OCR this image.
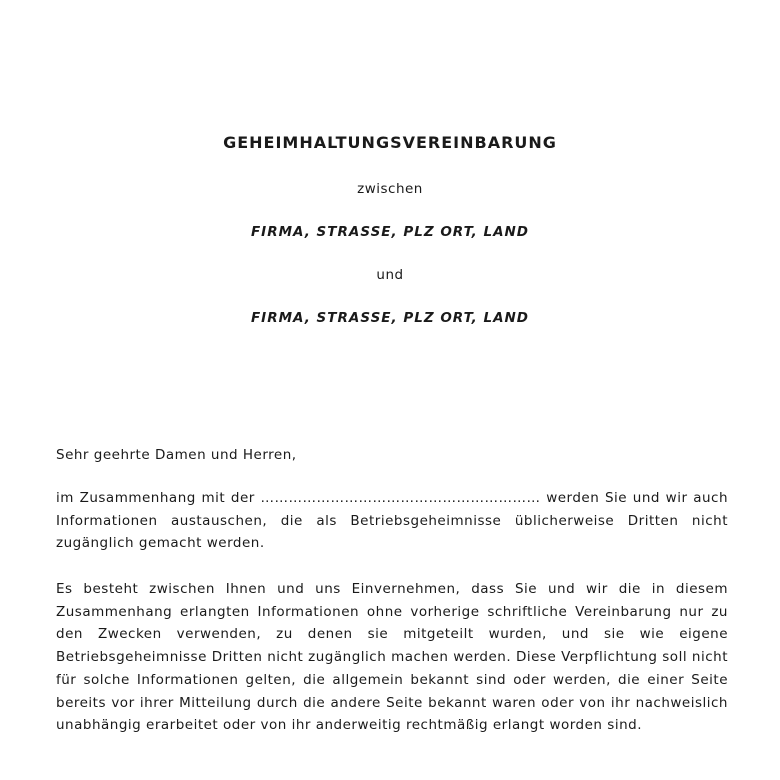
GEHEIMHALTUNGSVEREINBARUNG
zwischen
FIRMA, STRASSE, PLZ ORT, LAND
und
FIRMA, STRASSE, PLZ ORT, LAND

Sehr geehrte Damen und Herren,

im Zusammenhang mit der …………………………………………………… werden Sie und wir auch Informationen austauschen, die als Betriebsgeheimnisse üblicherweise Dritten nicht zugänglich gemacht werden.

Es besteht zwischen Ihnen und uns Einvernehmen, dass Sie und wir die in diesem Zusammenhang erlangten Informationen ohne vorherige schriftliche Vereinbarung nur zu den Zwecken verwenden, zu denen sie mitgeteilt wurden, und sie wie eigene Betriebsgeheimnisse Dritten nicht zugänglich machen werden. Diese Verpflichtung soll nicht für solche Informationen gelten, die allgemein bekannt sind oder werden, die einer Seite bereits vor ihrer Mitteilung durch die andere Seite bekannt waren oder von ihr nachweislich unabhängig erarbeitet oder von ihr anderweitig rechtmäßig erlangt worden sind.
